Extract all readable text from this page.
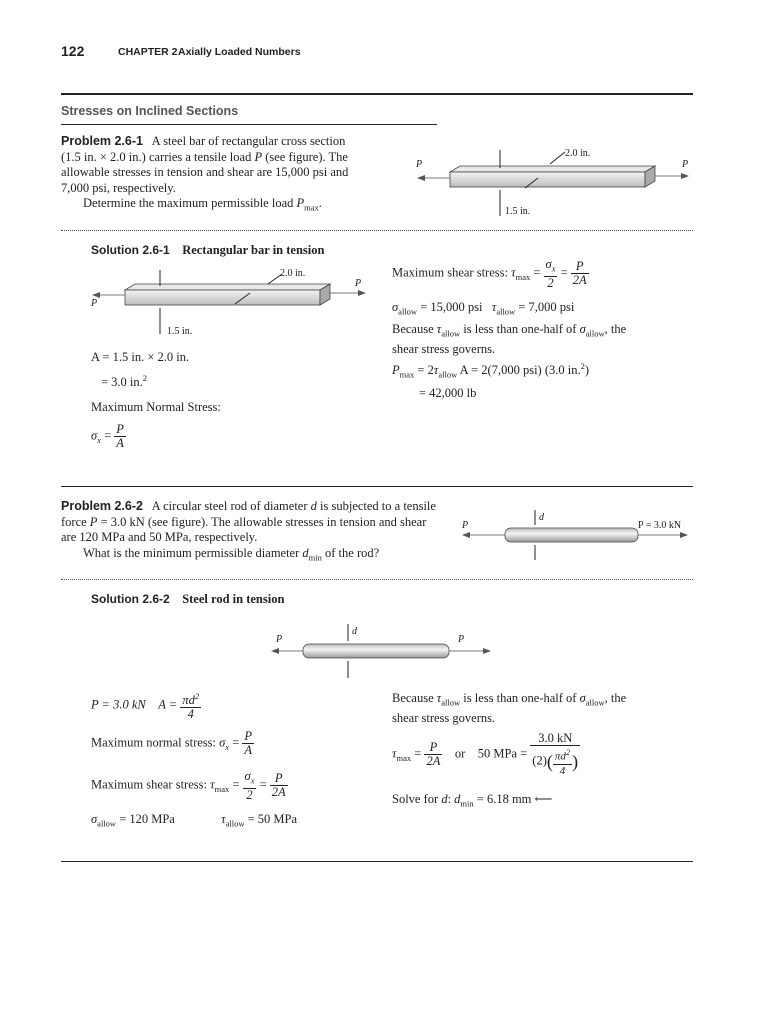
122	CHAPTER 2 Axially Loaded Numbers
Stresses on Inclined Sections
Problem 2.6-1 A steel bar of rectangular cross section
(1.5 in. × 2.0 in.) carries a tensile load P (see figure). The
allowable stresses in tension and shear are 15,000 psi and
7,000 psi, respectively.
Determine the maximum permissible load $P_{max}$.
P	P
2.0 in.
1.5 in.
Solution 2.6-1 Rectangular bar in tension
P
P
2.0 in.
1.5 in.
A = 1.5 in. × 2.0 in.
= 3.0 in.$^2$
Maximum Normal Stress:
$\sigma_x = \frac{P}{A}$
Maximum shear stress: $\tau_{max} = \frac{\sigma_x}{2} = \frac{P}{2A}$
$\sigma_{allow} = 15,000$ psi $\tau_{allow} = 7,000$ psi
Because $\tau_{allow}$ is less than one-half of $\sigma_{allow}$, the
shear stress governs.
$P_{max} = 2\tau_{allow}$ A = 2(7,000 psi) (3.0 in.$^2$)
= 42,000 lb
Problem 2.6-2 A circular steel rod of diameter d is subjected to a tensile
force P = 3.0 kN (see figure). The allowable stresses in tension and shear
are 120 MPa and 50 MPa, respectively.
What is the minimum permissible diameter $d_{min}$ of the rod?
P	P = 3.0 kN
d
Solution 2.6-2 Steel rod in tension
P	P
d
P = 3.0 kN $A = \frac{\pi d^2}{4}$
Maximum normal stress: $\sigma_x = \frac{P}{A}$
Maximum shear stress: $\tau_{max} = \frac{\sigma_x}{2} = \frac{P}{2A}$
$\sigma_{allow} = 120$ MPa	$\tau_{allow} = 50$ MPa
Because $\tau_{allow}$ is less than one-half of $\sigma_{allow}$, the
shear stress governs.
$\tau_{max} = \frac{P}{2A}$ or 50 MPa = $\frac{3.0 kN}{(2)( \frac{\pi d^2}{4} )}$
Solve for d: $d_{min} = 6.18$ mm ⟵
